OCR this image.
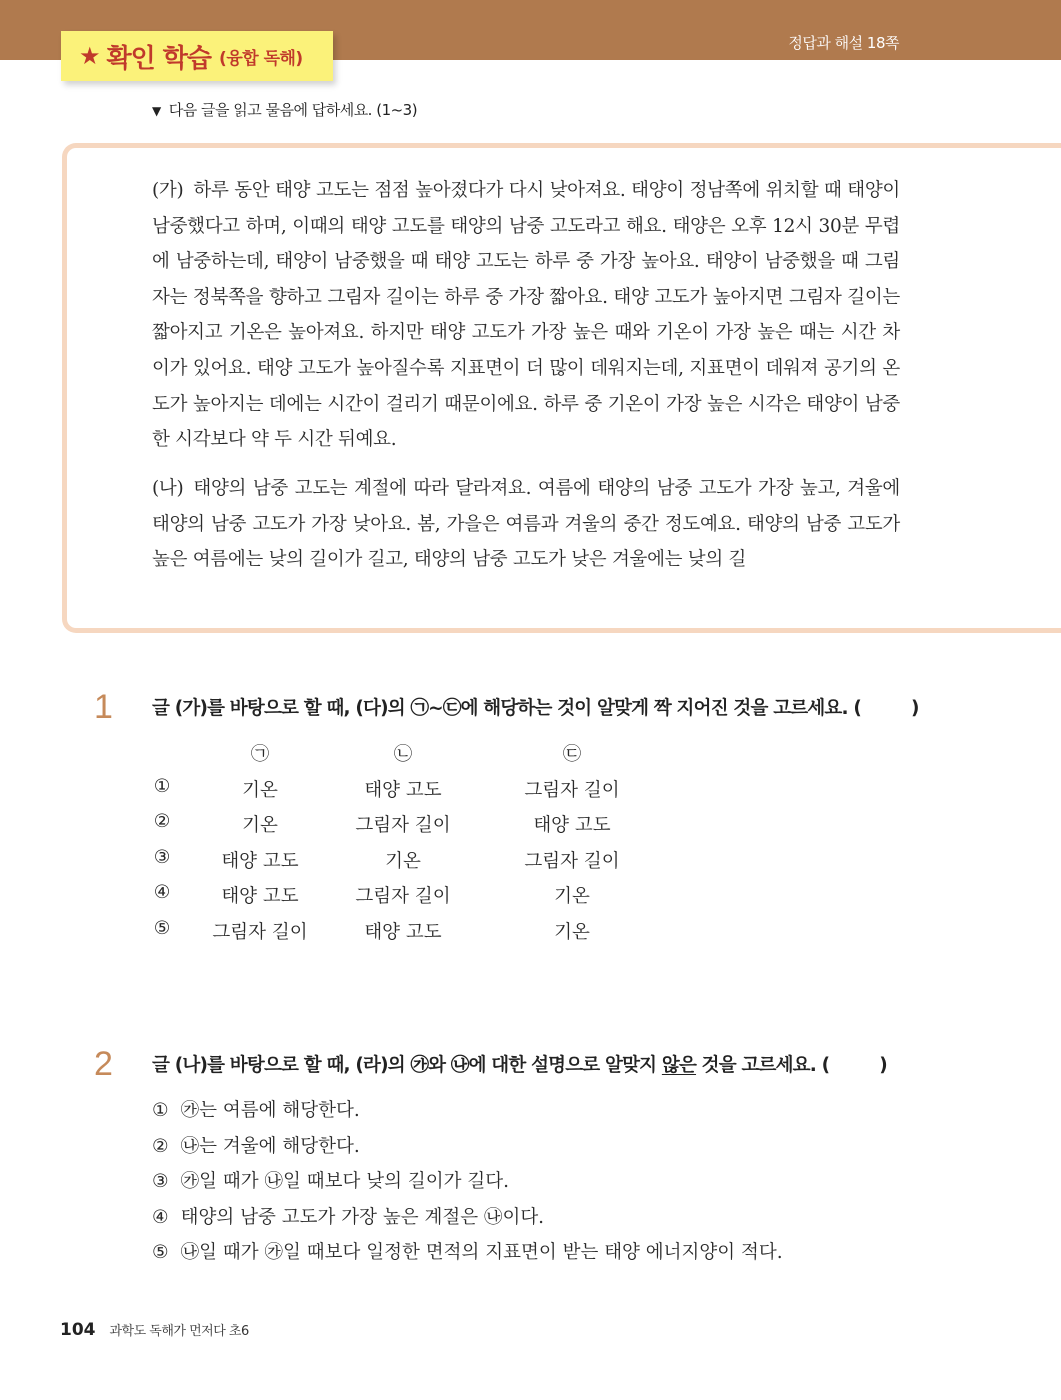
정답과 해설 18쪽
★ 확인 학습 (융합 독해)
▼ 다음 글을 읽고 물음에 답하세요. (1~3)
(가) 하루 동안 태양 고도는 점점 높아졌다가 다시 낮아져요. 태양이 정남쪽에 위치할 때 태양이 남중했다고 하며, 이때의 태양 고도를 태양의 남중 고도라고 해요. 태양은 오후 12시 30분 무렵에 남중하는데, 태양이 남중했을 때 태양 고도는 하루 중 가장 높아요. 태양이 남중했을 때 그림자는 정북쪽을 향하고 그림자 길이는 하루 중 가장 짧아요. 태양 고도가 높아지면 그림자 길이는 짧아지고 기온은 높아져요. 하지만 태양 고도가 가장 높은 때와 기온이 가장 높은 때는 시간 차이가 있어요. 태양 고도가 높아질수록 지표면이 더 많이 데워지는데, 지표면이 데워져 공기의 온도가 높아지는 데에는 시간이 걸리기 때문이에요. 하루 중 기온이 가장 높은 시각은 태양이 남중한 시각보다 약 두 시간 뒤예요.
(나) 태양의 남중 고도는 계절에 따라 달라져요. 여름에 태양의 남중 고도가 가장 높고, 겨울에 태양의 남중 고도가 가장 낮아요. 봄, 가을은 여름과 겨울의 중간 정도예요. 태양의 남중 고도가 높은 여름에는 낮의 길이가 길고, 태양의 남중 고도가 낮은 겨울에는 낮의 길
1 글 (가)를 바탕으로 할 때, (다)의 ㉠~㉢에 해당하는 것이 알맞게 짝 지어진 것을 고르세요. (	)
㉠	㉡	㉢
①	기온	태양 고도	그림자 길이
②	기온	그림자 길이	태양 고도
③	태양 고도	기온	그림자 길이
④	태양 고도	그림자 길이	기온
⑤	그림자 길이	태양 고도	기온
2 글 (나)를 바탕으로 할 때, (라)의 ㉮와 ㉯에 대한 설명으로 알맞지 않은 것을 고르세요. (	)
① ㉮는 여름에 해당한다.
② ㉯는 겨울에 해당한다.
③ ㉮일 때가 ㉯일 때보다 낮의 길이가 길다.
④ 태양의 남중 고도가 가장 높은 계절은 ㉯이다.
⑤ ㉯일 때가 ㉮일 때보다 일정한 면적의 지표면이 받는 태양 에너지양이 적다.
104 과학도 독해가 먼저다 초6
